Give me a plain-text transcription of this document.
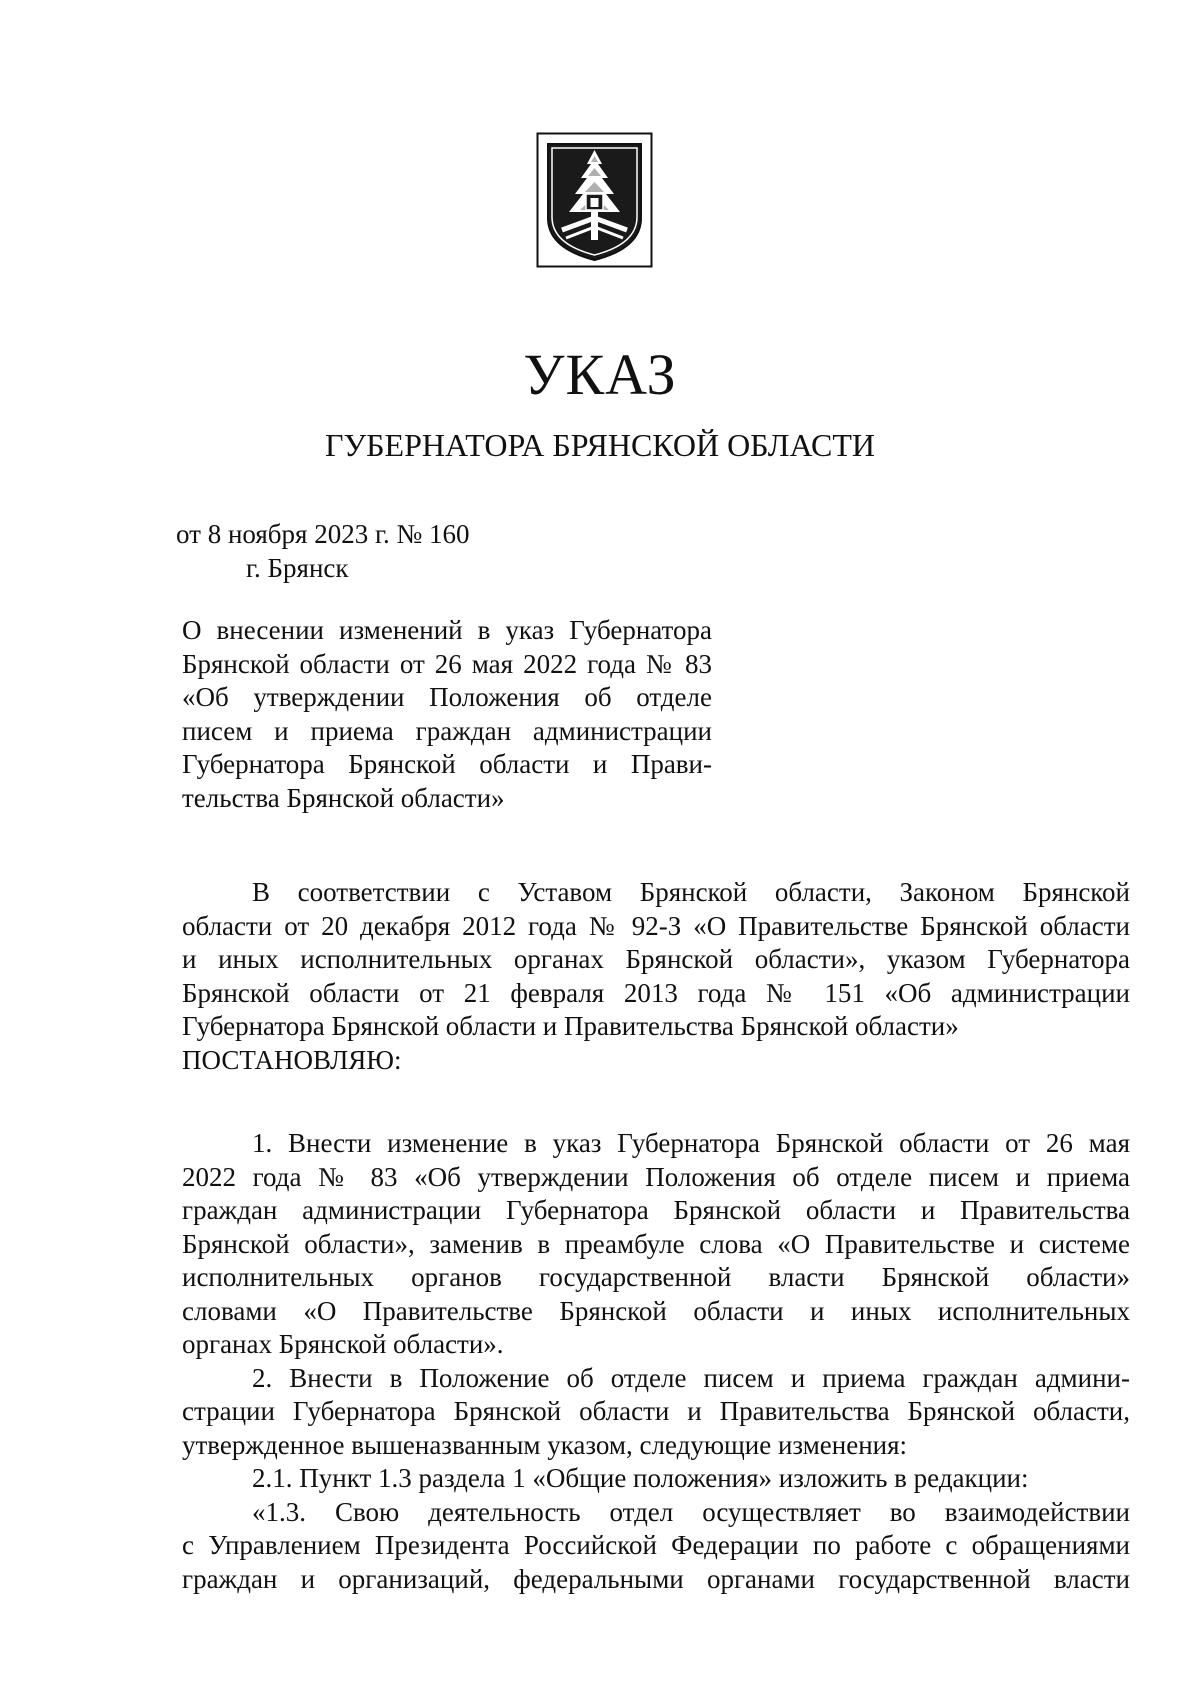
УКАЗ
ГУБЕРНАТОРА БРЯНСКОЙ ОБЛАСТИ
от 8 ноября 2023 г. № 160
г. Брянск
О внесении изменений в указ Губернатора
Брянской области от 26 мая 2022 года № 83
«Об утверждении Положения об отделе
писем и приема граждан администрации
Губернатора Брянской области и Прави-
тельства Брянской области»
В соответствии с Уставом Брянской области, Законом Брянской
области от 20 декабря 2012 года № 92-З «О Правительстве Брянской области
и иных исполнительных органах Брянской области», указом Губернатора
Брянской области от 21 февраля 2013 года № 151 «Об администрации
Губернатора Брянской области и Правительства Брянской области»
ПОСТАНОВЛЯЮ:
1. Внести изменение в указ Губернатора Брянской области от 26 мая
2022 года № 83 «Об утверждении Положения об отделе писем и приема
граждан администрации Губернатора Брянской области и Правительства
Брянской области», заменив в преамбуле слова «О Правительстве и системе
исполнительных органов государственной власти Брянской области»
словами «О Правительстве Брянской области и иных исполнительных
органах Брянской области».
2. Внести в Положение об отделе писем и приема граждан админи-
страции Губернатора Брянской области и Правительства Брянской области,
утвержденное вышеназванным указом, следующие изменения:
2.1. Пункт 1.3 раздела 1 «Общие положения» изложить в редакции:
«1.3. Свою деятельность отдел осуществляет во взаимодействии
с Управлением Президента Российской Федерации по работе с обращениями
граждан и организаций, федеральными органами государственной власти
